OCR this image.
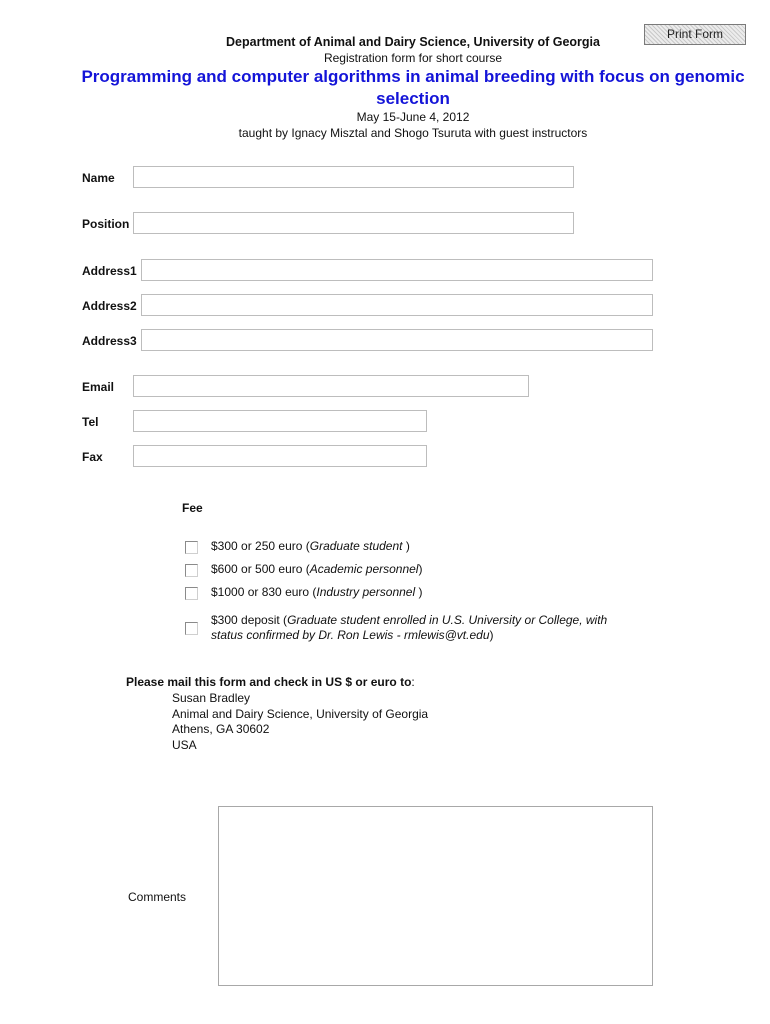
Print Form
Department of Animal and Dairy Science, University of Georgia
Registration form for short course
Programming and computer algorithms in animal breeding with focus on genomic selection
May 15-June 4, 2012
taught by Ignacy Misztal and Shogo Tsuruta with guest instructors
Name
Position
Address1
Address2
Address3
Email
Tel
Fax
Fee
$300 or 250 euro (Graduate student )
$600 or 500 euro (Academic personnel)
$1000 or 830 euro (Industry personnel )
$300 deposit (Graduate student enrolled in U.S. University or College, with
status confirmed by Dr. Ron Lewis - rmlewis@vt.edu)
Please mail this form and check in US $ or euro to:
Susan Bradley
Animal and Dairy Science, University of Georgia
Athens, GA 30602
USA
Comments
